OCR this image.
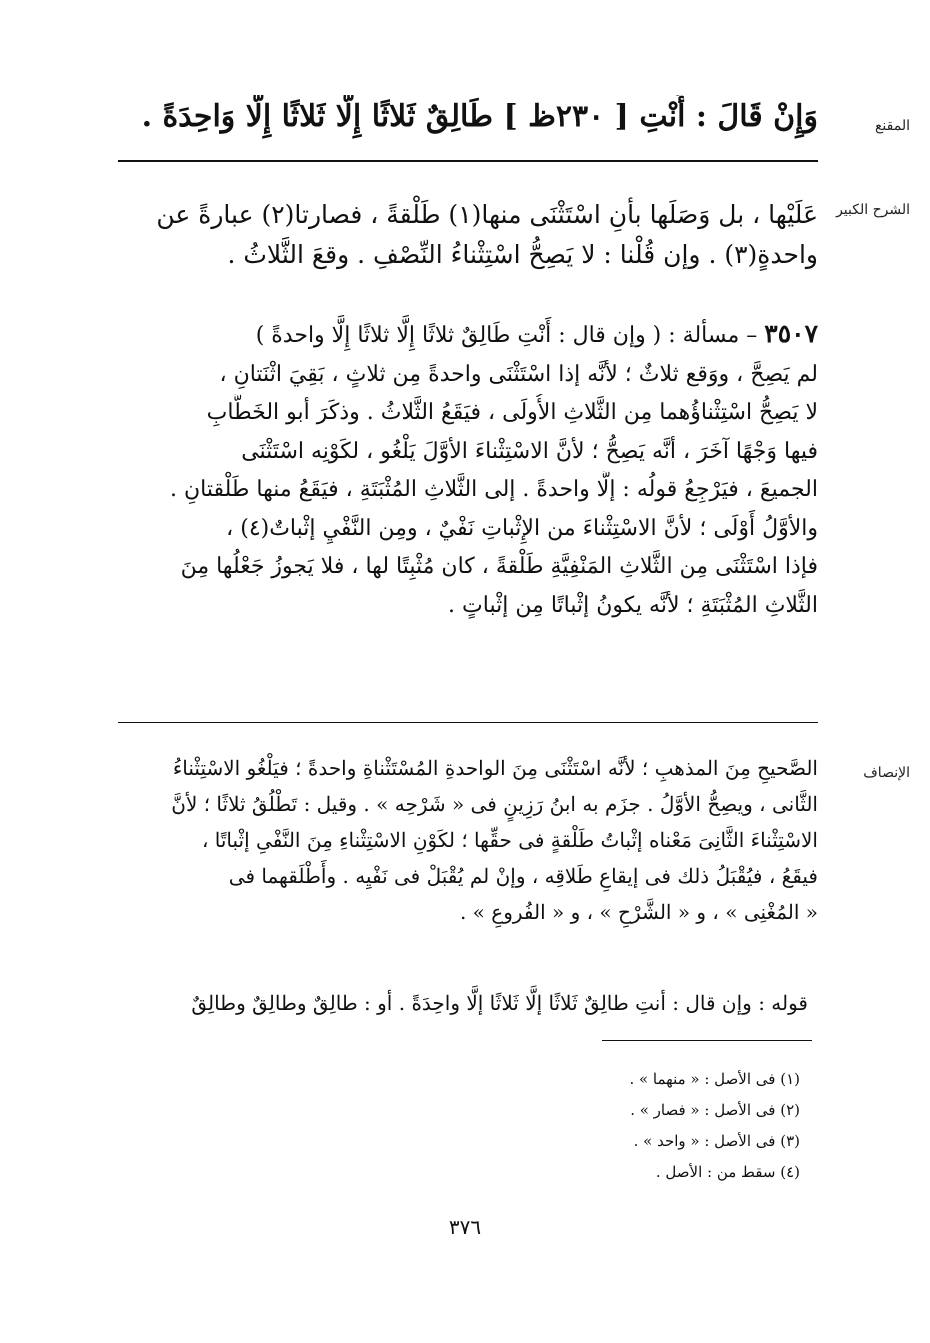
المقنع
وَإِنْ قَالَ : أَنْتِ [ ٢٣٠ظ ] طَالِقٌ ثَلاثًا إِلَّا ثَلاثًا إِلَّا وَاحِدَةً .
الشرح الكبير
عَلَيْها ، بل وَصَلَها بأنِ اسْتَثْنَى منها(١) طَلْقةً ، فصارتا(٢) عبارةً عن
واحدةٍ(٣) . وإن قُلْنا : لا يَصِحُّ اسْتِثْناءُ النِّصْفِ . وقعَ الثَّلاثُ .
٣٥٠٧ – مسألة : ( وإن قال : أَنْتِ طَالِقٌ ثلاثًا إِلَّا ثلاثًا إِلَّا واحدةً )
لم يَصِحَّ ، ووَقع ثلاثٌ ؛ لأنَّه إذا اسْتَثْنَى واحدةً مِن ثلاثٍ ، بَقِيَ اثْنَتانِ ،
لا يَصِحُّ اسْتِثْناؤُهما مِن الثَّلاثِ الأُولَى ، فيَقَعُ الثَّلاثُ . وذكَرَ أبو الخَطَّابِ
فيها وَجْهًا آخَرَ ، أنَّه يَصِحُّ ؛ لأنَّ الاسْتِثْناءَ الأوَّلَ يَلْغُو ، لكَوْنِه اسْتَثْنَى
الجميعَ ، فيَرْجِعُ قولُه : إلَّا واحدةً . إلى الثَّلاثِ المُثْبَتَةِ ، فيَقَعُ منها طَلْقتانِ .
والأوَّلُ أَوْلَى ؛ لأنَّ الاسْتِثْناءَ من الإِثْباتِ نَفْيٌ ، ومِن النَّفْيِ إثْباتٌ(٤) ،
فإذا اسْتَثْنَى مِن الثَّلاثِ المَنْفِيَّةِ طَلْقةً ، كان مُثْبِتًا لها ، فلا يَجوزُ جَعْلُها مِنَ
الثَّلاثِ المُثْبَتَةِ ؛ لأنَّه يكونُ إثْباتًا مِن إثْباتٍ .
الإنصاف
الصَّحيحِ مِنَ المذهبِ ؛ لأنَّه اسْتَثْنَى مِنَ الواحدةِ المُسْتَثْناةِ واحدةً ؛ فيَلْغُو الاسْتِثْناءُ
الثَّانى ، ويصِحُّ الأوَّلُ . جزَم به ابنُ رَزِينٍ فى « شَرْحِه » . وقيل : تَطْلُقُ ثلاثًا ؛ لأنَّ
الاسْتِثْناءَ الثَّانِىَ مَعْناه إثْباتُ طَلْقةٍ فى حقِّها ؛ لكَوْنِ الاسْتِثْناءِ مِنَ النَّفْىِ إثْباتًا ،
فيقَعُ ، فيُقْبَلُ ذلك فى إيقاعِ طَلاقِه ، وإنْ لم يُقْبَلْ فى نَفْيِه . وأَطْلَقهما فى
« المُغْنِى » ، و « الشَّرْحِ » ، و « الفُروعِ » .
قوله : وإن قال : أنتِ طالِقٌ ثَلاثًا إلَّا ثَلاثًا إلَّا واحِدَةً . أو : طالِقٌ وطالِقٌ وطالِقٌ
(١) فى الأصل : « منهما » .
(٢) فى الأصل : « فصار » .
(٣) فى الأصل : « واحد » .
(٤) سقط من : الأصل .
٣٧٦
